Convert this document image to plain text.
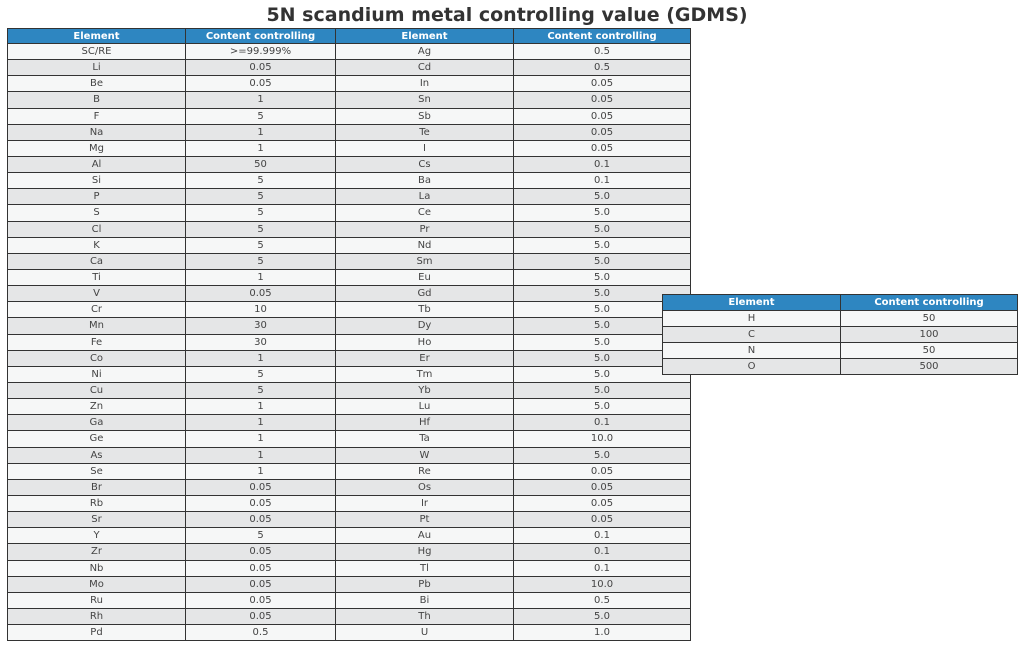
5N scandium metal controlling value (GDMS)
Element	Content controlling	Element	Content controlling
SC/RE	>=99.999%	Ag	0.5
Li	0.05	Cd	0.5
Be	0.05	In	0.05
B	1	Sn	0.05
F	5	Sb	0.05
Na	1	Te	0.05
Mg	1	I	0.05
Al	50	Cs	0.1
Si	5	Ba	0.1
P	5	La	5.0
S	5	Ce	5.0
Cl	5	Pr	5.0
K	5	Nd	5.0
Ca	5	Sm	5.0
Ti	1	Eu	5.0
V	0.05	Gd	5.0
Cr	10	Tb	5.0
Mn	30	Dy	5.0
Fe	30	Ho	5.0
Co	1	Er	5.0
Ni	5	Tm	5.0
Cu	5	Yb	5.0
Zn	1	Lu	5.0
Ga	1	Hf	0.1
Ge	1	Ta	10.0
As	1	W	5.0
Se	1	Re	0.05
Br	0.05	Os	0.05
Rb	0.05	Ir	0.05
Sr	0.05	Pt	0.05
Y	5	Au	0.1
Zr	0.05	Hg	0.1
Nb	0.05	Tl	0.1
Mo	0.05	Pb	10.0
Ru	0.05	Bi	0.5
Rh	0.05	Th	5.0
Pd	0.5	U	1.0
Element	Content controlling
H	50
C	100
N	50
O	500
